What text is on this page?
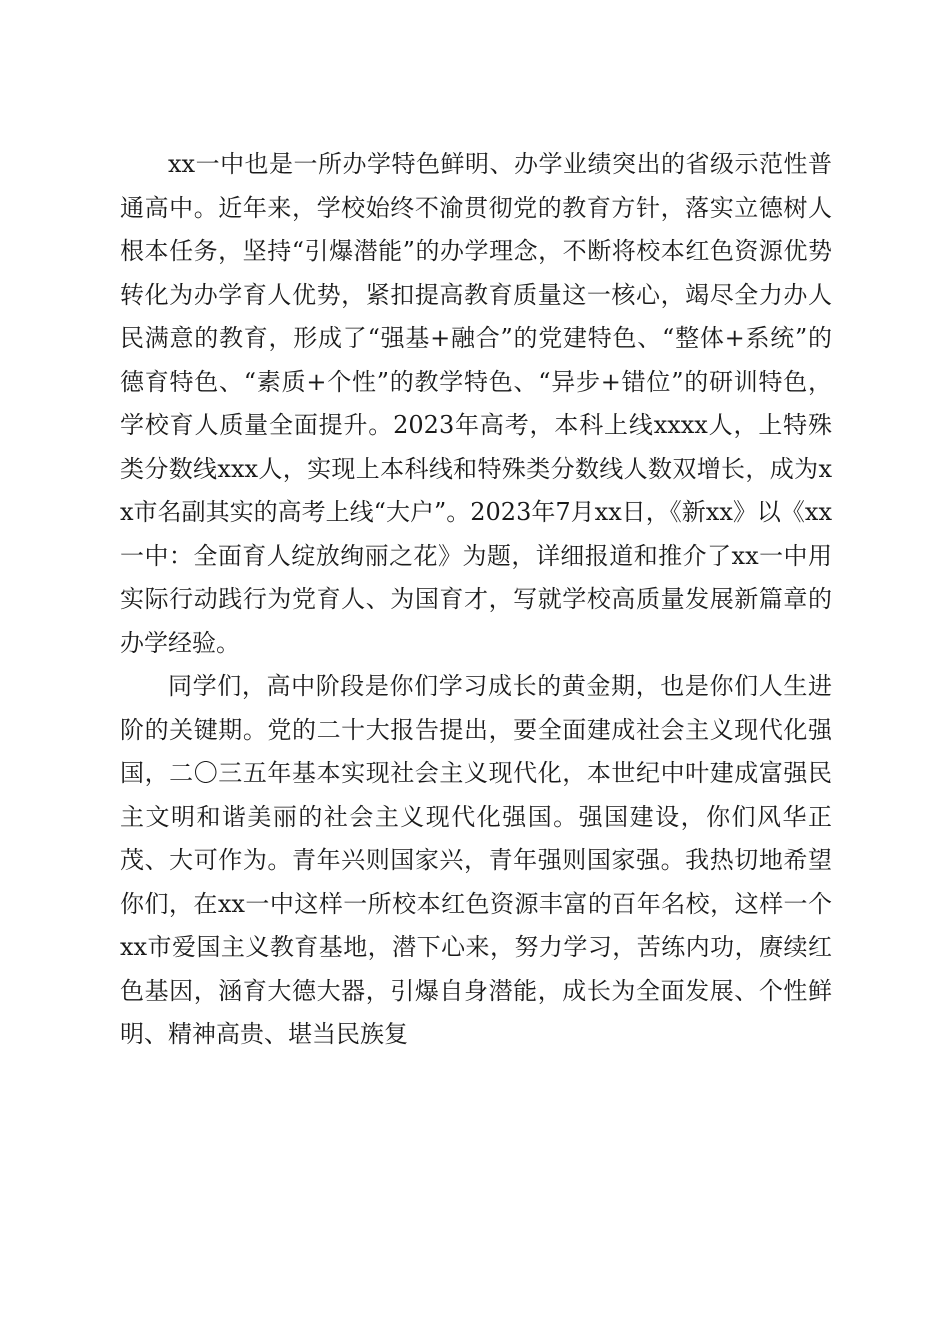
xx一中也是一所办学特色鲜明、办学业绩突出的省级示范性普通高中。近年来，学校始终不渝贯彻党的教育方针，落实立德树人根本任务，坚持“引爆潜能”的办学理念，不断将校本红色资源优势转化为办学育人优势，紧扣提高教育质量这一核心，竭尽全力办人民满意的教育，形成了“强基+融合”的党建特色、“整体+系统”的德育特色、“素质+个性”的教学特色、“异步+错位”的研训特色，学校育人质量全面提升。2023年高考，本科上线xxxx人，上特殊类分数线xxx人，实现上本科线和特殊类分数线人数双增长，成为xx市名副其实的高考上线“大户”。2023年7月xx日，《新xx》以《xx一中：全面育人绽放绚丽之花》为题，详细报道和推介了xx一中用实际行动践行为党育人、为国育才，写就学校高质量发展新篇章的办学经验。

同学们，高中阶段是你们学习成长的黄金期，也是你们人生进阶的关键期。党的二十大报告提出，要全面建成社会主义现代化强国，二〇三五年基本实现社会主义现代化，本世纪中叶建成富强民主文明和谐美丽的社会主义现代化强国。强国建设，你们风华正茂、大可作为。青年兴则国家兴，青年强则国家强。我热切地希望你们，在xx一中这样一所校本红色资源丰富的百年名校，这样一个xx市爱国主义教育基地，潜下心来，努力学习，苦练内功，赓续红色基因，涵育大德大器，引爆自身潜能，成长为全面发展、个性鲜明、精神高贵、堪当民族复
